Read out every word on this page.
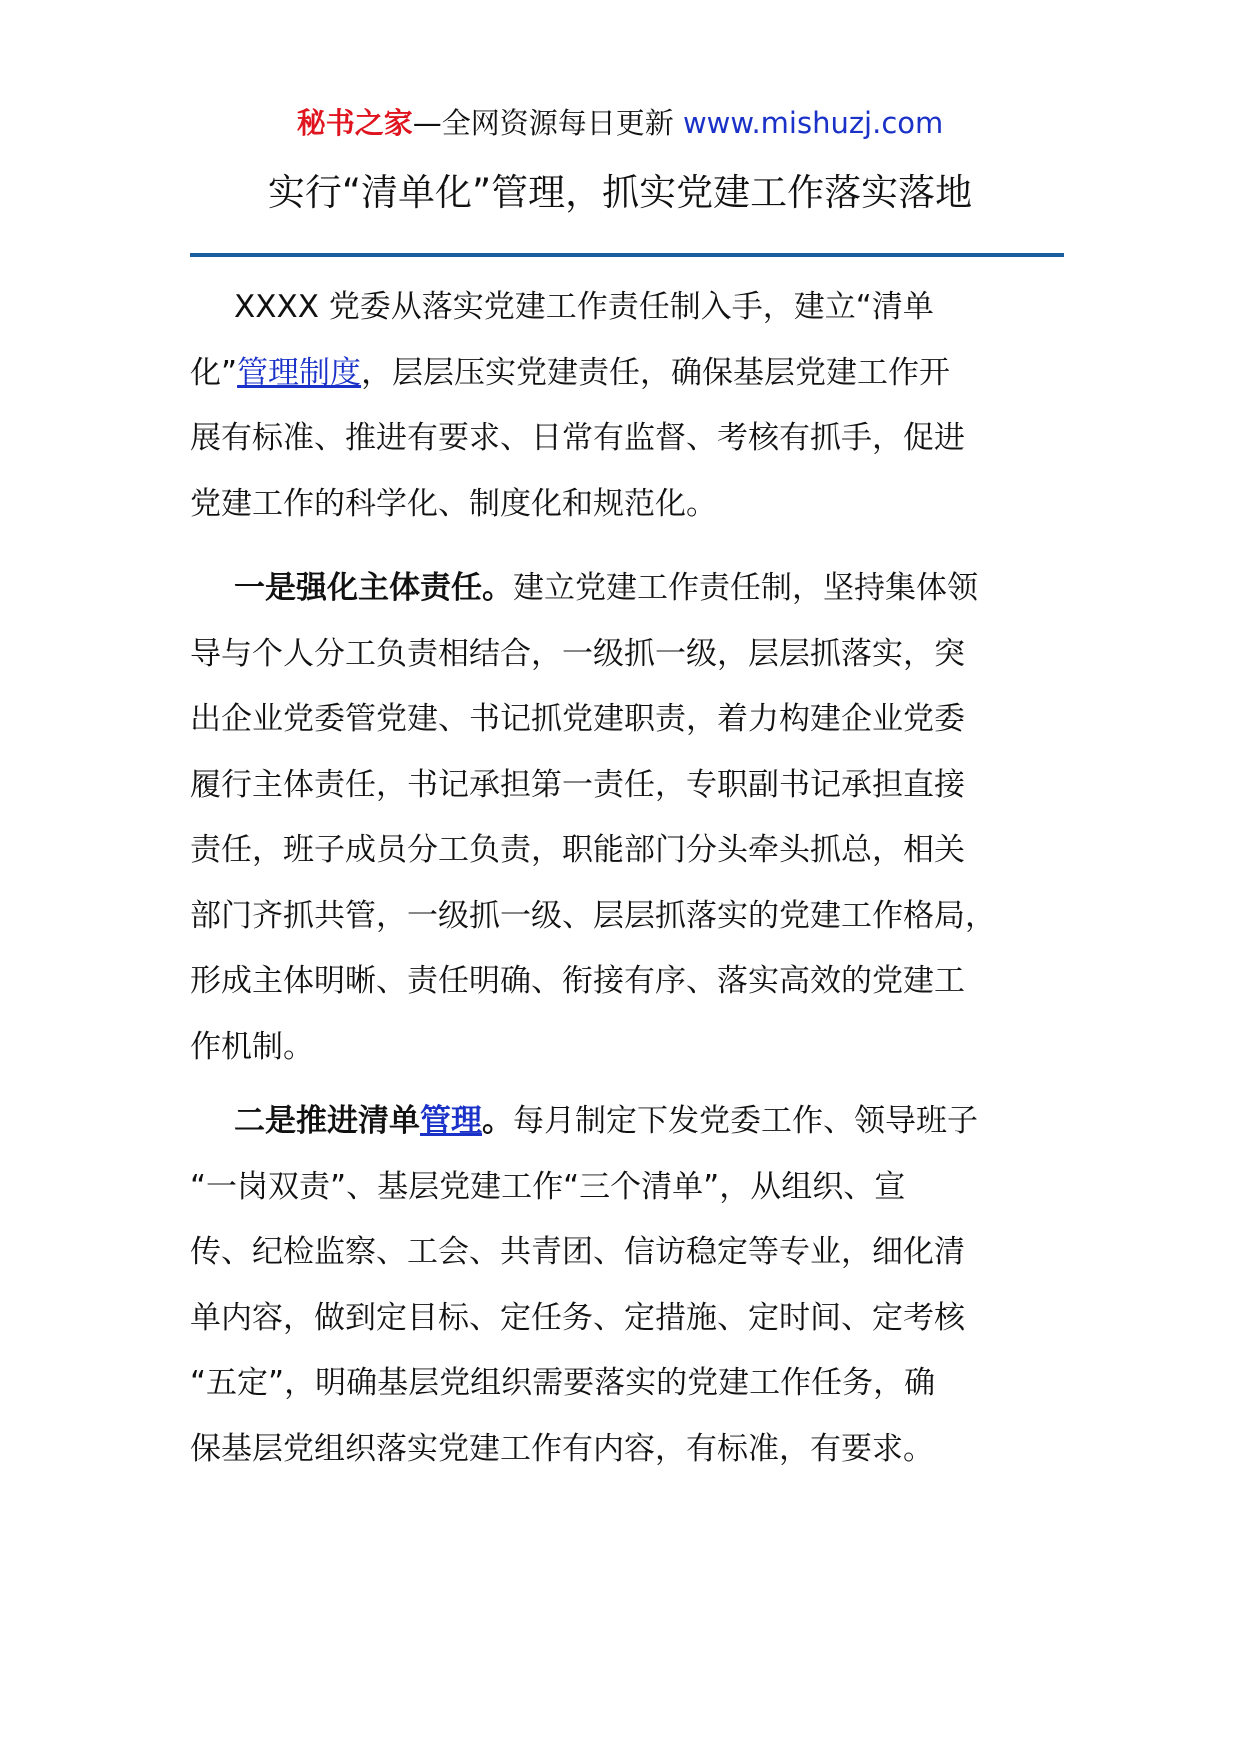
秘书之家—全网资源每日更新 www.mishuzj.com
实行“清单化”管理，抓实党建工作落实落地

XXXX 党委从落实党建工作责任制入手，建立“清单

化”管理制度，层层压实党建责任，确保基层党建工作开

展有标准、推进有要求、日常有监督、考核有抓手，促进

党建工作的科学化、制度化和规范化。

一是强化主体责任。建立党建工作责任制，坚持集体领

导与个人分工负责相结合，一级抓一级，层层抓落实，突

出企业党委管党建、书记抓党建职责，着力构建企业党委

履行主体责任，书记承担第一责任，专职副书记承担直接

责任，班子成员分工负责，职能部门分头牵头抓总，相关

部门齐抓共管，一级抓一级、层层抓落实的党建工作格局，

形成主体明晰、责任明确、衔接有序、落实高效的党建工

作机制。

二是推进清单管理。每月制定下发党委工作、领导班子

“一岗双责”、基层党建工作“三个清单”，从组织、宣

传、纪检监察、工会、共青团、信访稳定等专业，细化清

单内容，做到定目标、定任务、定措施、定时间、定考核

“五定”，明确基层党组织需要落实的党建工作任务，确

保基层党组织落实党建工作有内容，有标准，有要求。
